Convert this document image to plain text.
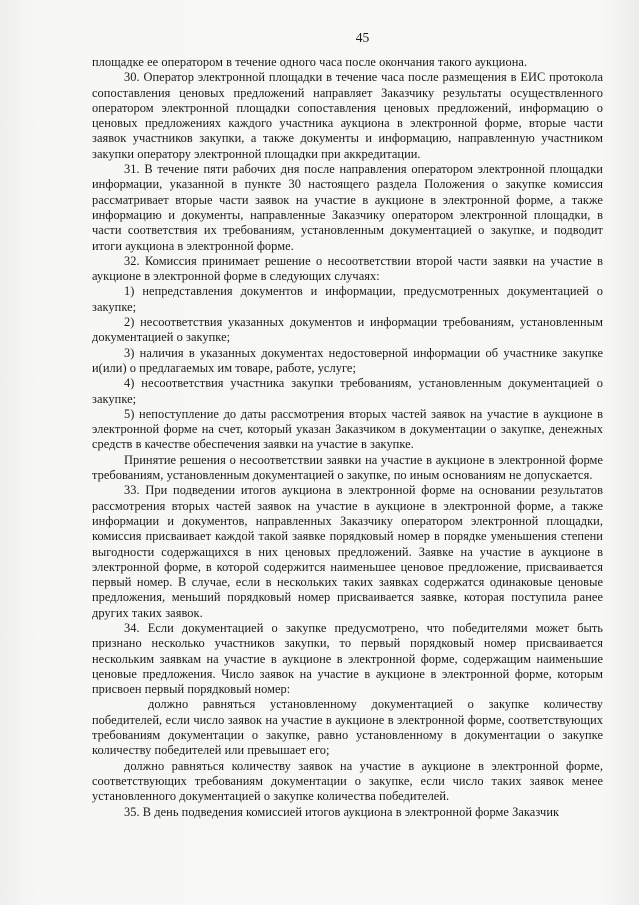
45

площадке ее оператором в течение одного часа после окончания такого аукциона.

30. Оператор электронной площадки в течение часа после размещения в ЕИС протокола сопоставления ценовых предложений направляет Заказчику результаты осуществленного оператором электронной площадки сопоставления ценовых предложений, информацию о ценовых предложениях каждого участника аукциона в электронной форме, вторые части заявок участников закупки, а также документы и информацию, направленную участником закупки оператору электронной площадки при аккредитации.

31. В течение пяти рабочих дня после направления оператором электронной площадки информации, указанной в пункте 30 настоящего раздела Положения о закупке комиссия рассматривает вторые части заявок на участие в аукционе в электронной форме, а также информацию и документы, направленные Заказчику оператором электронной площадки, в части соответствия их требованиям, установленным документацией о закупке, и подводит итоги аукциона в электронной форме.

32. Комиссия принимает решение о несоответствии второй части заявки на участие в аукционе в электронной форме в следующих случаях:

1) непредставления документов и информации, предусмотренных документацией о закупке;

2) несоответствия указанных документов и информации требованиям, установленным документацией о закупке;

3) наличия в указанных документах недостоверной информации об участнике закупке и(или) о предлагаемых им товаре, работе, услуге;

4) несоответствия участника закупки требованиям, установленным документацией о закупке;

5) непоступление до даты рассмотрения вторых частей заявок на участие в аукционе в электронной форме на счет, который указан Заказчиком в документации о закупке, денежных средств в качестве обеспечения заявки на участие в закупке.

Принятие решения о несоответствии заявки на участие в аукционе в электронной форме требованиям, установленным документацией о закупке, по иным основаниям не допускается.

33. При подведении итогов аукциона в электронной форме на основании результатов рассмотрения вторых частей заявок на участие в аукционе в электронной форме, а также информации и документов, направленных Заказчику оператором электронной площадки, комиссия присваивает каждой такой заявке порядковый номер в порядке уменьшения степени выгодности содержащихся в них ценовых предложений. Заявке на участие в аукционе в электронной форме, в которой содержится наименьшее ценовое предложение, присваивается первый номер. В случае, если в нескольких таких заявках содержатся одинаковые ценовые предложения, меньший порядковый номер присваивается заявке, которая поступила ранее других таких заявок.

34. Если документацией о закупке предусмотрено, что победителями может быть признано несколько участников закупки, то первый порядковый номер присваивается нескольким заявкам на участие в аукционе в электронной форме, содержащим наименьшие ценовые предложения. Число заявок на участие в аукционе в электронной форме, которым присвоен первый порядковый номер:

должно равняться установленному документацией о закупке количеству победителей, если число заявок на участие в аукционе в электронной форме, соответствующих требованиям документации о закупке, равно установленному в документации о закупке количеству победителей или превышает его;

должно равняться количеству заявок на участие в аукционе в электронной форме, соответствующих требованиям документации о закупке, если число таких заявок менее установленного документацией о закупке количества победителей.

35. В день подведения комиссией итогов аукциона в электронной форме Заказчик
